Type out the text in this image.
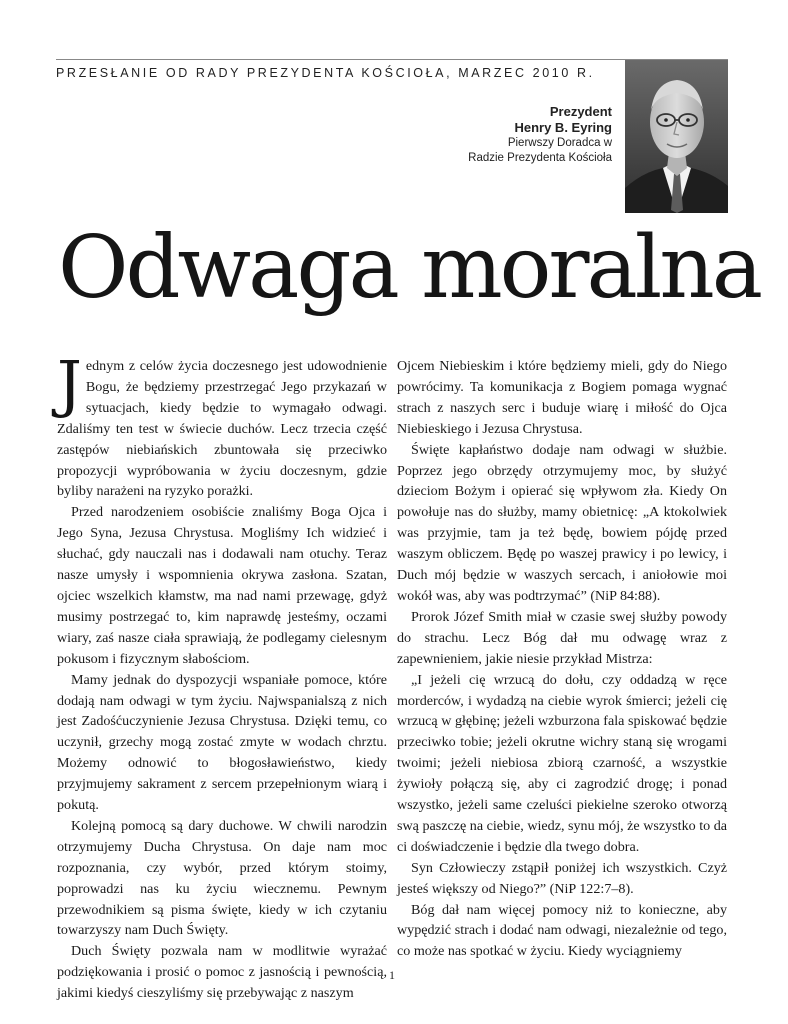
PRZESŁANIE OD RADY PREZYDENTA KOŚCIOŁA, MARZEC 2010 R.
Prezydent
Henry B. Eyring
Pierwszy Doradca w
Radzie Prezydenta Kościoła
Odwaga moralna

Jednym z celów życia doczesnego jest udowodnienie Bogu, że będziemy przestrzegać Jego przykazań w sytuacjach, kiedy będzie to wymagało odwagi. Zdaliśmy ten test w świecie duchów. Lecz trzecia część zastępów niebiańskich zbuntowała się przeciwko propozycji wypróbowania w życiu doczesnym, gdzie byliby narażeni na ryzyko porażki.

Przed narodzeniem osobiście znaliśmy Boga Ojca i Jego Syna, Jezusa Chrystusa. Mogliśmy Ich widzieć i słuchać, gdy nauczali nas i dodawali nam otuchy. Teraz nasze umysły i wspomnienia okrywa zasłona. Szatan, ojciec wszelkich kłamstw, ma nad nami przewagę, gdyż musimy postrzegać to, kim naprawdę jesteśmy, oczami wiary, zaś nasze ciała sprawiają, że podlegamy cielesnym pokusom i fizycznym słabościom.

Mamy jednak do dyspozycji wspaniałe pomoce, które dodają nam odwagi w tym życiu. Najwspanialszą z nich jest Zadośćuczynienie Jezusa Chrystusa. Dzięki temu, co uczynił, grzechy mogą zostać zmyte w wodach chrztu. Możemy odnowić to błogosławieństwo, kiedy przyjmujemy sakrament z sercem przepełnionym wiarą i pokutą.

Kolejną pomocą są dary duchowe. W chwili narodzin otrzymujemy Ducha Chrystusa. On daje nam moc rozpoznania, czy wybór, przed którym stoimy, poprowadzi nas ku życiu wiecznemu. Pewnym przewodnikiem są pisma święte, kiedy w ich czytaniu towarzyszy nam Duch Święty.

Duch Święty pozwala nam w modlitwie wyrażać podziękowania i prosić o pomoc z jasnością i pewnością, jakimi kiedyś cieszyliśmy się przebywając z naszym

Ojcem Niebieskim i które będziemy mieli, gdy do Niego powrócimy. Ta komunikacja z Bogiem pomaga wygnać strach z naszych serc i buduje wiarę i miłość do Ojca Niebieskiego i Jezusa Chrystusa.

Święte kapłaństwo dodaje nam odwagi w służbie. Poprzez jego obrzędy otrzymujemy moc, by służyć dzieciom Bożym i opierać się wpływom zła. Kiedy On powołuje nas do służby, mamy obietnicę: „A ktokolwiek was przyjmie, tam ja też będę, bowiem pójdę przed waszym obliczem. Będę po waszej prawicy i po lewicy, i Duch mój będzie w waszych sercach, i aniołowie moi wokół was, aby was podtrzymać” (NiP 84:88).

Prorok Józef Smith miał w czasie swej służby powody do strachu. Lecz Bóg dał mu odwagę wraz z zapewnieniem, jakie niesie przykład Mistrza:

„I jeżeli cię wrzucą do dołu, czy oddadzą w ręce morderców, i wydadzą na ciebie wyrok śmierci; jeżeli cię wrzucą w głębinę; jeżeli wzburzona fala spiskować będzie przeciwko tobie; jeżeli okrutne wichry staną się wrogami twoimi; jeżeli niebiosa zbiorą czarność, a wszystkie żywioły połączą się, aby ci zagrodzić drogę; i ponad wszystko, jeżeli same czeluści piekielne szeroko otworzą swą paszczę na ciebie, wiedz, synu mój, że wszystko to da ci doświadczenie i będzie dla twego dobra.

Syn Człowieczy zstąpił poniżej ich wszystkich. Czyż jesteś większy od Niego?” (NiP 122:7–8).

Bóg dał nam więcej pomocy niż to konieczne, aby wypędzić strach i dodać nam odwagi, niezależnie od tego, co może nas spotkać w życiu. Kiedy wyciągniemy

1
